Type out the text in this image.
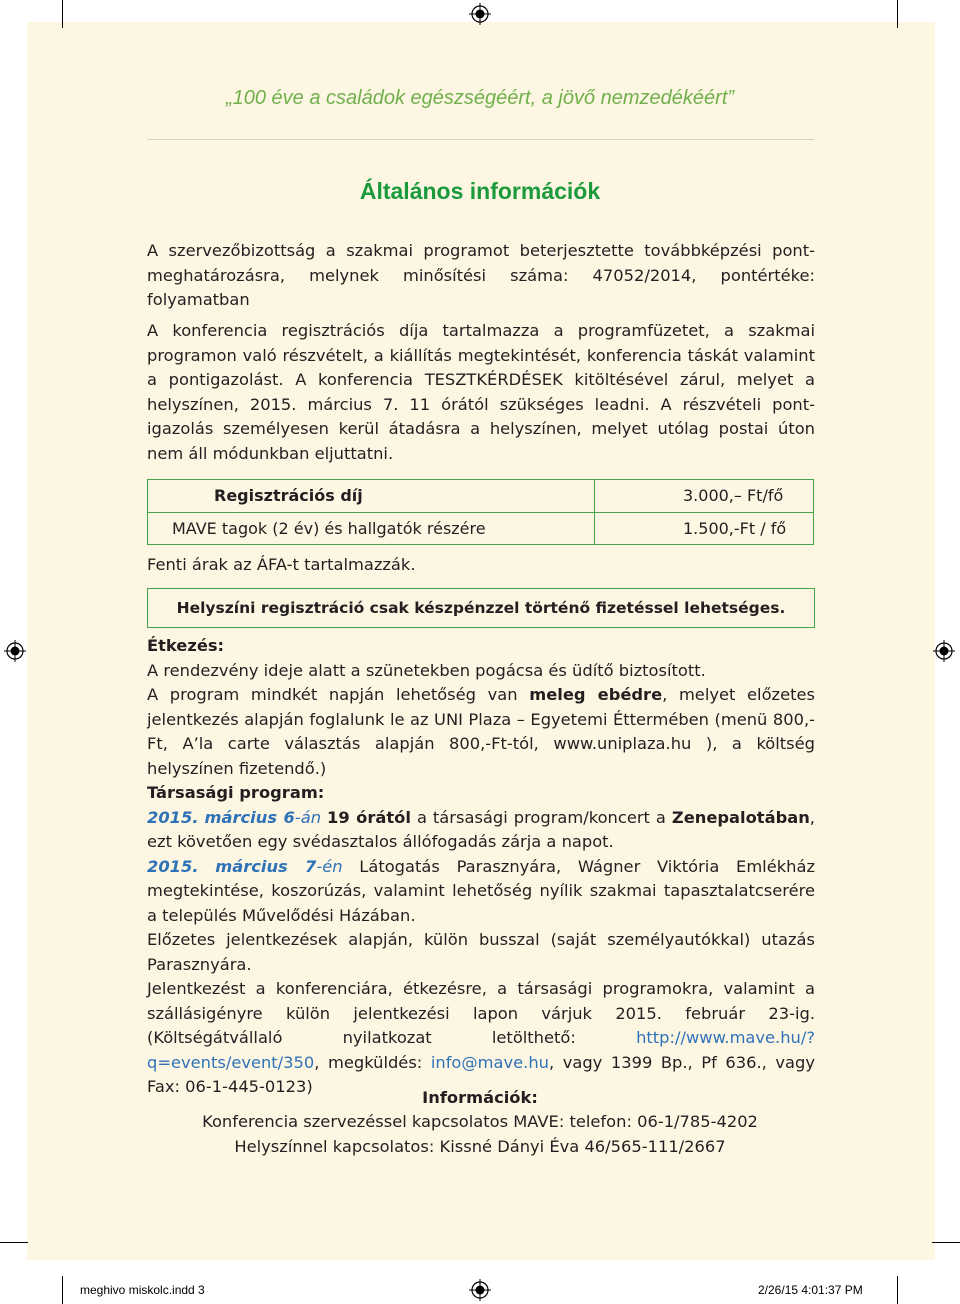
„100 éve a családok egészségéért, a jövő nemzedékéért”
Általános információk

A szervezőbizottság a szakmai programot beterjesztette továbbképzési pont-meghatározásra, melynek minősítési száma: 47052/2014, pontértéke: folyamatban

A konferencia regisztrációs díja tartalmazza a programfüzetet, a szakmai programon való részvételt, a kiállítás megtekintését, konferencia táskát valamint a pontigazolást. A konferencia TESZTKÉRDÉSEK kitöltésével zárul, melyet a helyszínen, 2015. március 7. 11 órától szükséges leadni. A részvételi pont-igazolás személyesen kerül átadásra a helyszínen, melyet utólag postai úton nem áll módunkban eljuttatni.

Regisztrációs díj	3.000,– Ft/fő
MAVE tagok (2 év) és hallgatók részére	1.500,-Ft / fő
Fenti árak az ÁFA-t tartalmazzák.
Helyszíni regisztráció csak készpénzzel történő fizetéssel lehetséges.
Étkezés:
A rendezvény ideje alatt a szünetekben pogácsa és üdítő biztosított.
A program mindkét napján lehetőség van meleg ebédre, melyet előzetes jelentkezés alapján foglalunk le az UNI Plaza – Egyetemi Éttermében (menü 800,-Ft, A’la carte választás alapján 800,-Ft-tól, www.uniplaza.hu ), a költség helyszínen fizetendő.)
Társasági program:
2015. március 6-án 19 órától a társasági program/koncert a Zenepalotában, ezt követően egy svédasztalos állófogadás zárja a napot.
2015. március 7-én Látogatás Parasznyára, Wágner Viktória Emlékház megtekintése, koszorúzás, valamint lehetőség nyílik szakmai tapasztalatcserére a település Művelődési Házában.
Előzetes jelentkezések alapján, külön busszal (saját személyautókkal) utazás Parasznyára.
Jelentkezést a konferenciára, étkezésre, a társasági programokra, valamint a szállásigényre külön jelentkezési lapon várjuk 2015. február 23-ig. (Költségátvállaló nyilatkozat letölthető: http://www.mave.hu/?q=events/event/350, megküldés: info@mave.hu, vagy 1399 Bp., Pf 636., vagy Fax: 06-1-445-0123)
Információk:
Konferencia szervezéssel kapcsolatos MAVE: telefon: 06-1/785-4202
Helyszínnel kapcsolatos: Kissné Dányi Éva 46/565-111/2667
meghivo miskolc.indd 3	2/26/15 4:01:37 PM
